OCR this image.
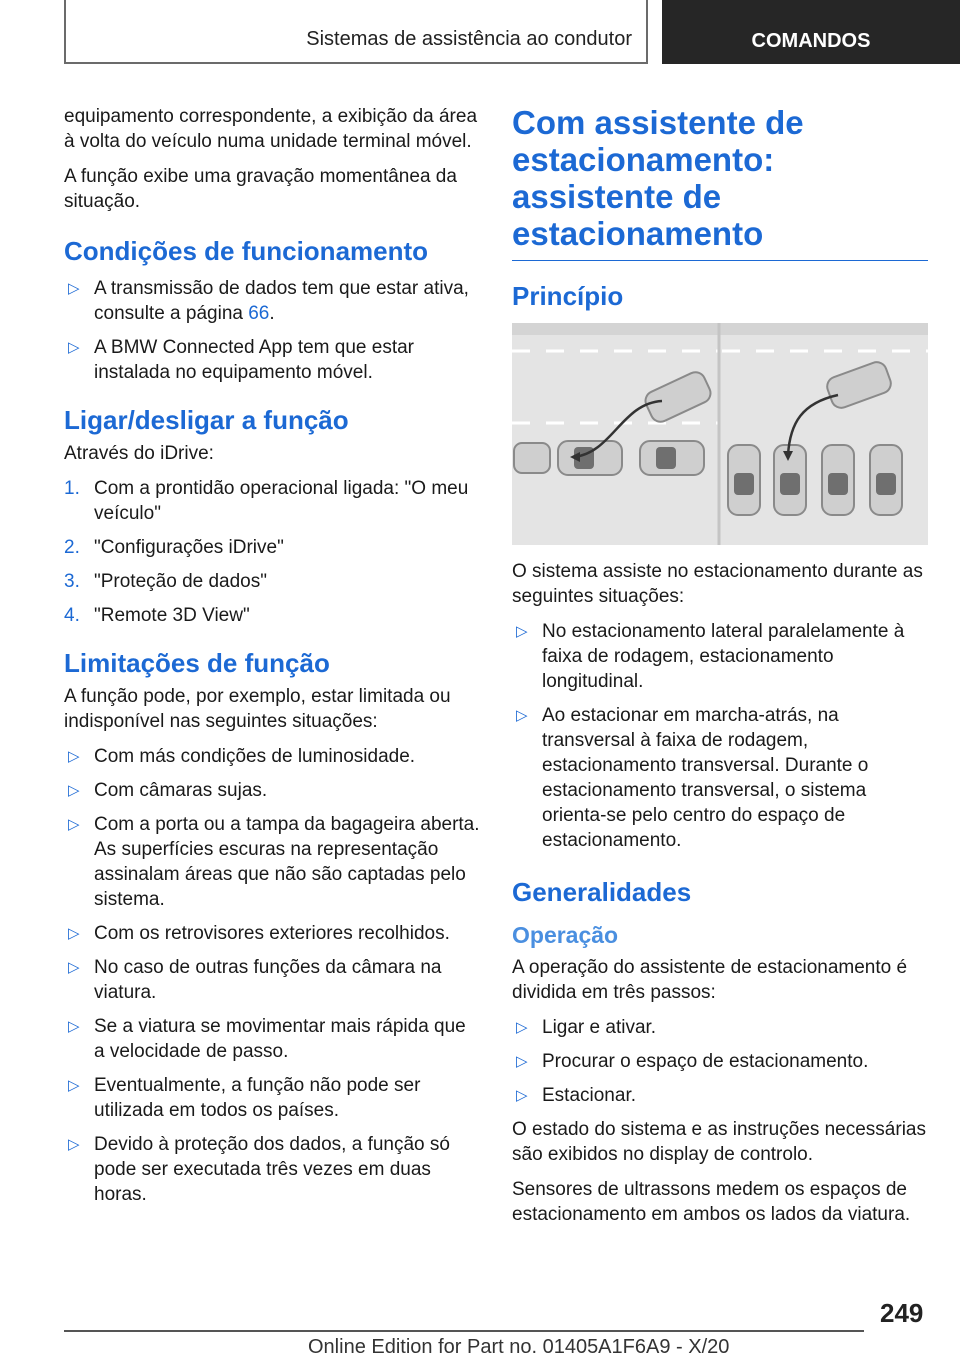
Sistemas de assistência ao condutor	COMANDOS

equipamento correspondente, a exibição da área à volta do veículo numa unidade terminal móvel.

A função exibe uma gravação momentânea da situação.

Condições de funcionamento
▷ A transmissão de dados tem que estar ativa, consulte a página 66.
▷ A BMW Connected App tem que estar instalada no equipamento móvel.
Ligar/desligar a função

Através do iDrive:

1. Com a prontidão operacional ligada: "O meu veículo"
2. "Configurações iDrive"
3. "Proteção de dados"
4. "Remote 3D View"
Limitações de função

A função pode, por exemplo, estar limitada ou indisponível nas seguintes situações:

▷ Com más condições de luminosidade.
▷ Com câmaras sujas.
▷ Com a porta ou a tampa da bagageira aberta. As superfícies escuras na representação assinalam áreas que não são captadas pelo sistema.
▷ Com os retrovisores exteriores recolhidos.
▷ No caso de outras funções da câmara na viatura.
▷ Se a viatura se movimentar mais rápida que a velocidade de passo.
▷ Eventualmente, a função não pode ser utilizada em todos os países.
▷ Devido à proteção dos dados, a função só pode ser executada três vezes em duas horas.
Com assistente de estacionamento: assistente de estacionamento
Princípio

O sistema assiste no estacionamento durante as seguintes situações:

▷ No estacionamento lateral paralelamente à faixa de rodagem, estacionamento longitudinal.
▷ Ao estacionar em marcha-atrás, na transversal à faixa de rodagem, estacionamento transversal. Durante o estacionamento transversal, o sistema orienta-se pelo centro do espaço de estacionamento.
Generalidades
Operação

A operação do assistente de estacionamento é dividida em três passos:

▷ Ligar e ativar.
▷ Procurar o espaço de estacionamento.
▷ Estacionar.

O estado do sistema e as instruções necessárias são exibidos no display de controlo.

Sensores de ultrassons medem os espaços de estacionamento em ambos os lados da viatura.

249
Online Edition for Part no. 01405A1F6A9 - X/20
